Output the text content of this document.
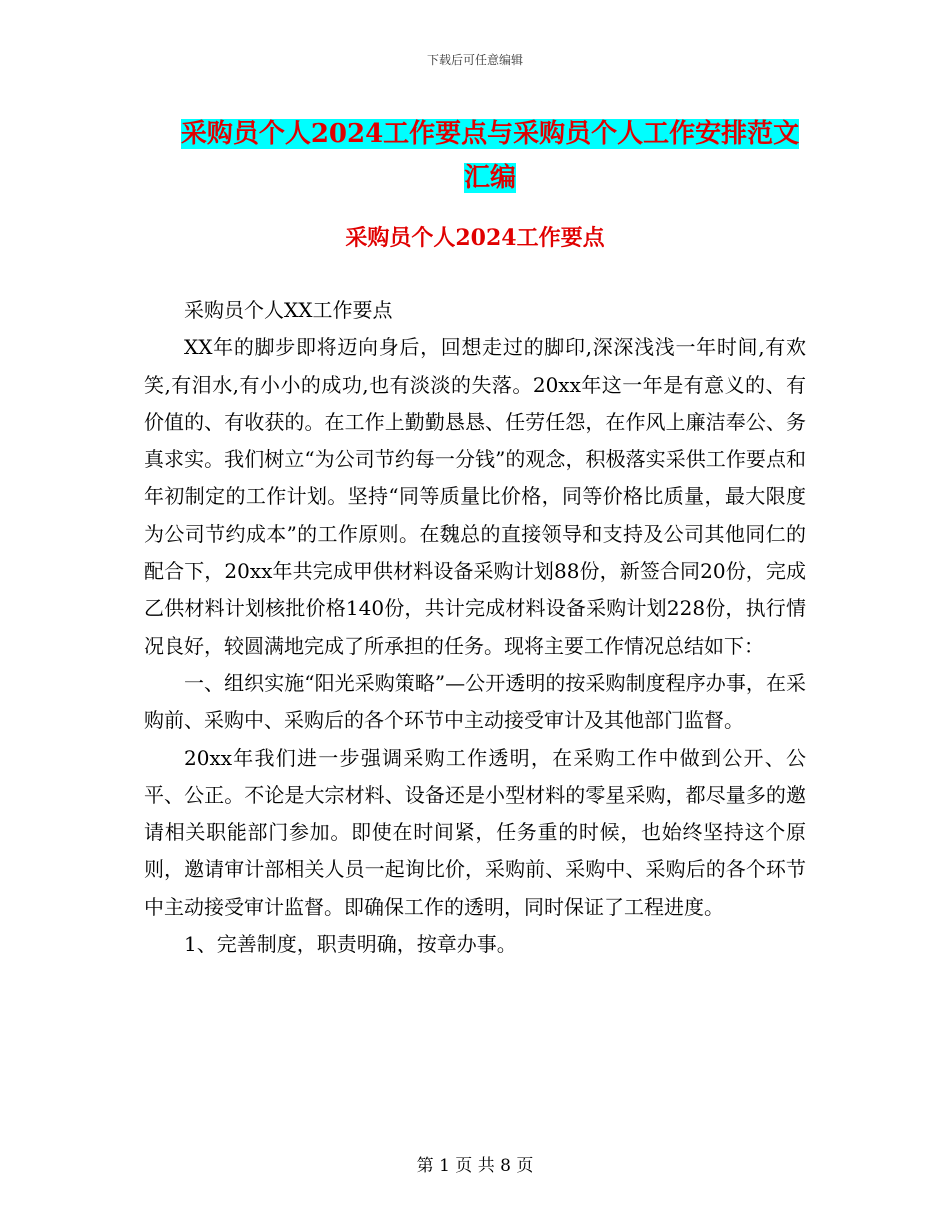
下载后可任意编辑
采购员个人2024工作要点与采购员个人工作安排范文
汇编
采购员个人2024工作要点

采购员个人XX工作要点

XX年的脚步即将迈向身后，回想走过的脚印,深深浅浅一年时间,有欢笑,有泪水,有小小的成功,也有淡淡的失落。20xx年这一年是有意义的、有价值的、有收获的。在工作上勤勤恳恳、任劳任怨，在作风上廉洁奉公、务真求实。我们树立“为公司节约每一分钱”的观念，积极落实采供工作要点和年初制定的工作计划。坚持“同等质量比价格，同等价格比质量，最大限度为公司节约成本”的工作原则。在魏总的直接领导和支持及公司其他同仁的配合下，20xx年共完成甲供材料设备采购计划88份，新签合同20份，完成乙供材料计划核批价格140份，共计完成材料设备采购计划228份，执行情况良好，较圆满地完成了所承担的任务。现将主要工作情况总结如下：

一、组织实施“阳光采购策略”—公开透明的按采购制度程序办事，在采购前、采购中、采购后的各个环节中主动接受审计及其他部门监督。

20xx年我们进一步强调采购工作透明，在采购工作中做到公开、公平、公正。不论是大宗材料、设备还是小型材料的零星采购，都尽量多的邀请相关职能部门参加。即使在时间紧，任务重的时候，也始终坚持这个原则，邀请审计部相关人员一起询比价，采购前、采购中、采购后的各个环节中主动接受审计监督。即确保工作的透明，同时保证了工程进度。

1、完善制度，职责明确，按章办事。

第 1 页 共 8 页
